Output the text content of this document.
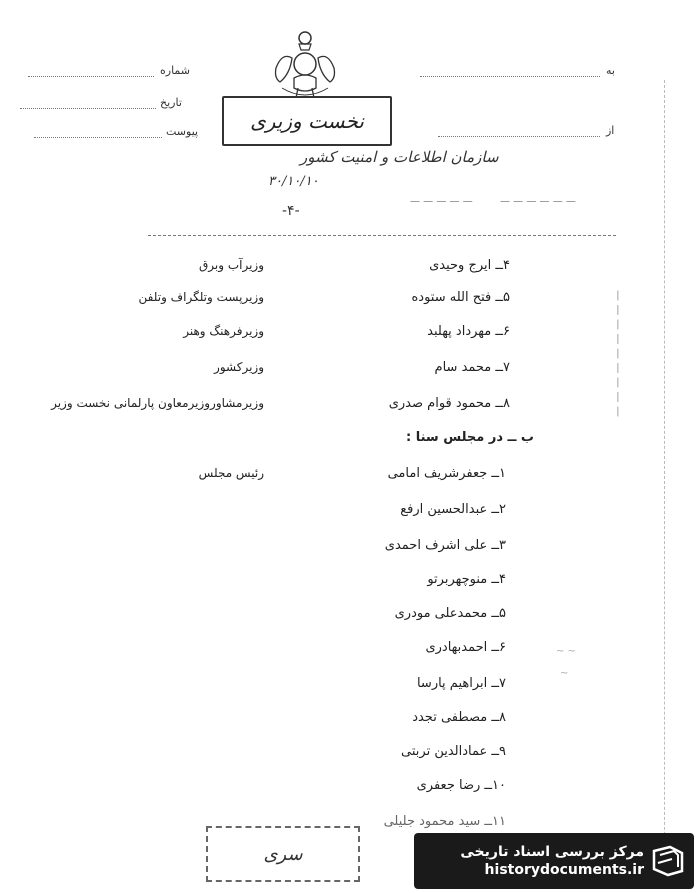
شماره
تاریخ
پیوست
به
از
نخست وزیری
سازمان اطلاعات و امنیت کشور
۳۰/۱۰/۱۰
— — — — —	— — — — — —
-۴-
۴ــ ایرج وحیدی
وزیرآب وبرق
۵ــ فتح الله ستوده
وزیرپست وتلگراف وتلفن
۶ــ مهرداد پهلبد
وزیرفرهنگ وهنر
۷ــ محمد سام
وزیرکشور
۸ــ محمود قوام صدری
وزیرمشاوروزیرمعاون پارلمانی نخست وزیر
ب ــ در مجلس سنا :
۱ــ جعفرشریف امامی
رئیس مجلس
۲ــ عبدالحسین ارفع
۳ــ علی اشرف احمدی
۴ــ منوچهربرتو
۵ــ محمدعلی مودری
۶ــ احمدبهادری
۷ــ ابراهیم پارسا
۸ــ مصطفی تجدد
۹ــ عمادالدین تربتی
۱۰ــ رضا جعفری
۱۱ــ سید محمود جلیلی
— — — — — — — — —
~ ~
~
سری	مرکز بررسی اسناد تاریخی
historydocuments.ir
